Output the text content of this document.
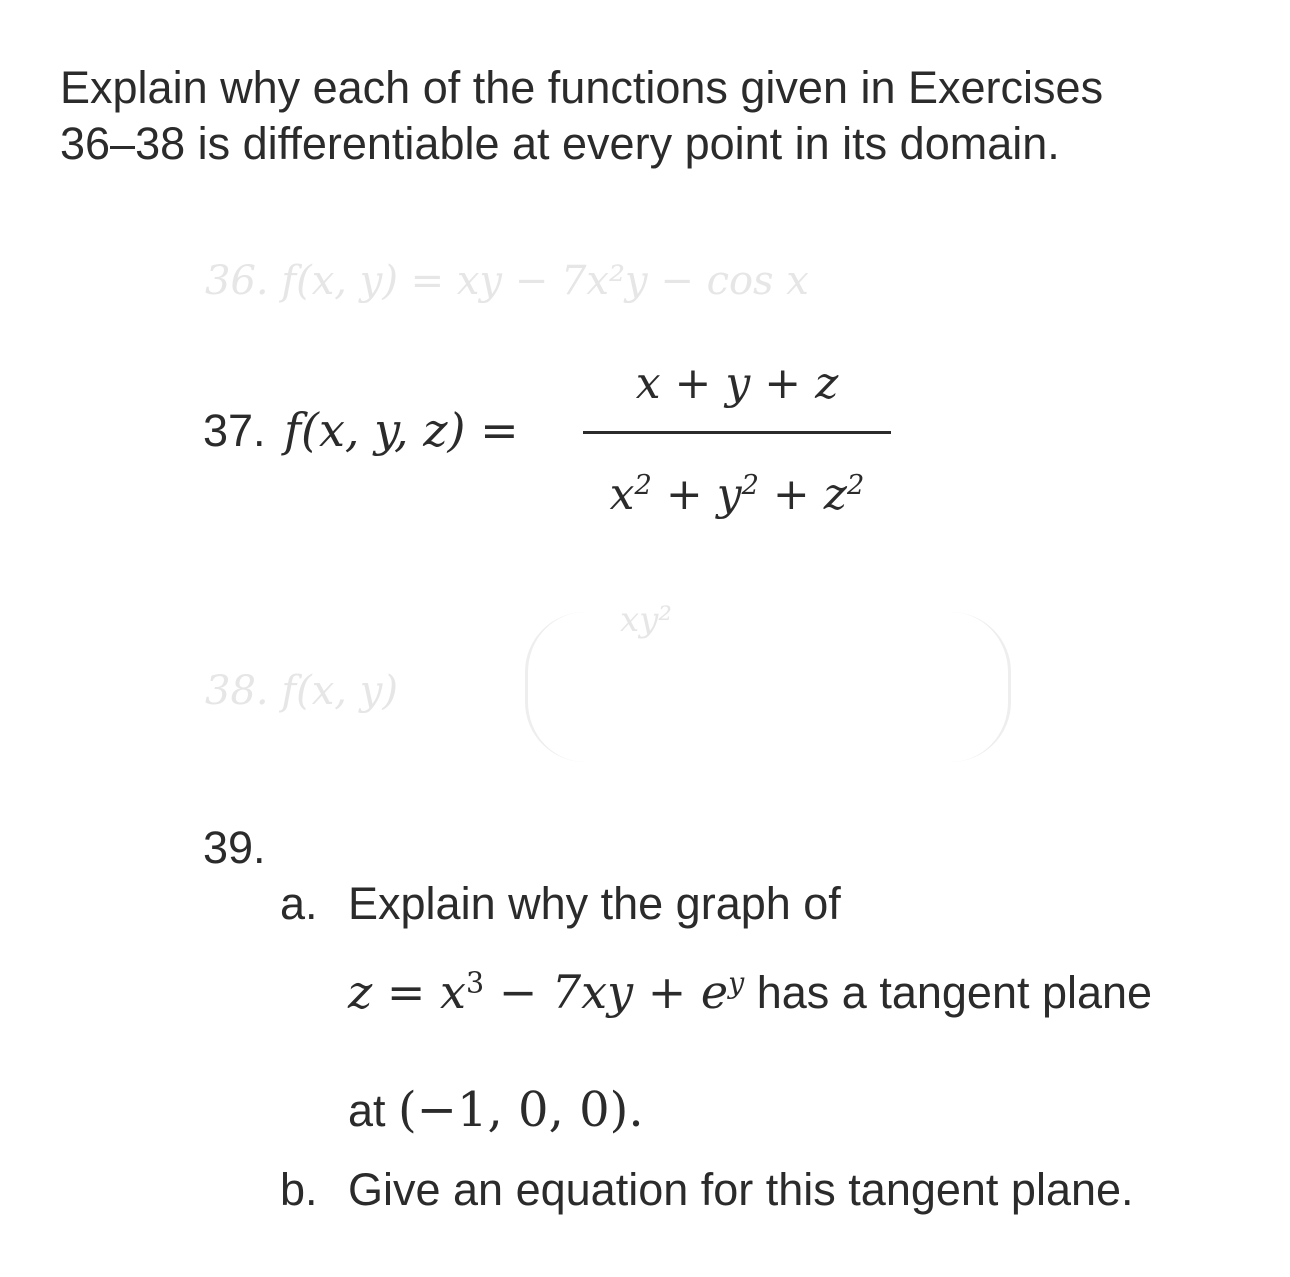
Explain why each of the functions given in Exercises
36–38 is differentiable at every point in its domain.
36. f(x, y) = xy − 7x²y − cos x
37. f(x, y, z) =
x + y + z
$x^2 + y^2 + z^2$
38. f(x, y)
xy²
39.
a. Explain why the graph of
$z = x^3 - 7xy + e^y$ has a tangent plane
at (−1, 0, 0).
b. Give an equation for this tangent plane.
